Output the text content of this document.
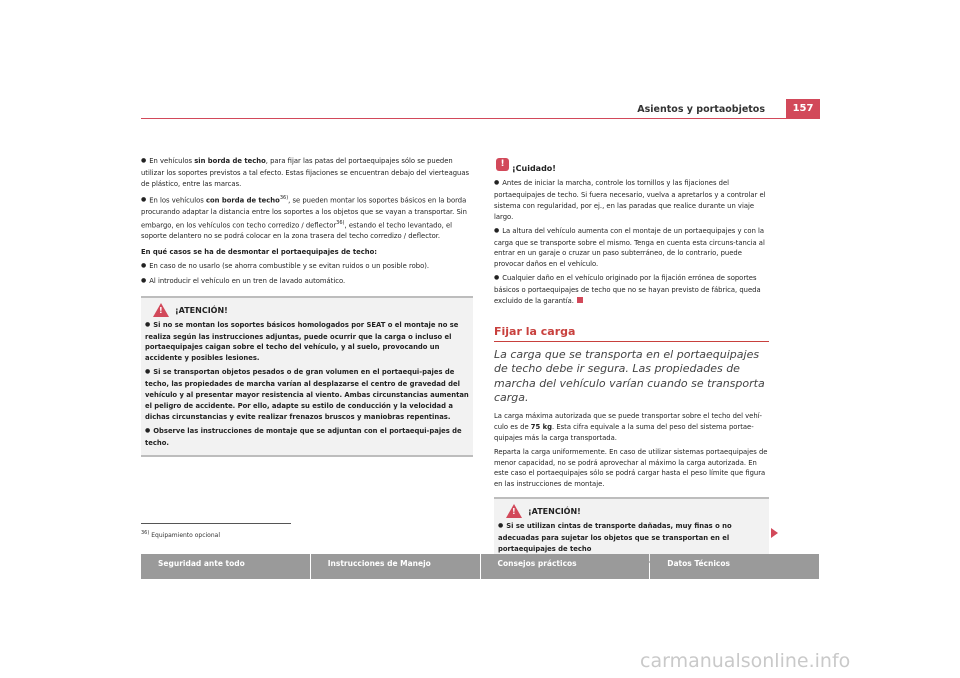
Asientos y portaobjetos	157

● En vehículos sin borda de techo, para fijar las patas del portaequipajes sólo se pueden utilizar los soportes previstos a tal efecto. Estas fijaciones se encuentran debajo del vierteaguas de plástico, entre las marcas.

● En los vehículos con borda de techo$^{36)}$, se pueden montar los soportes básicos en la borda procurando adaptar la distancia entre los soportes a los objetos que se vayan a transportar. Sin embargo, en los vehículos con techo corredizo / deflector$^{36)}$, estando el techo levantado, el soporte delantero no se podrá colocar en la zona trasera del techo corredizo / deflector.

En qué casos se ha de desmontar el portaequipajes de techo:

● En caso de no usarlo (se ahorra combustible y se evitan ruidos o un posible robo).

● Al introducir el vehículo en un tren de lavado automático.

! ¡ATENCIÓN!

● Si no se montan los soportes básicos homologados por SEAT o el montaje no se realiza según las instrucciones adjuntas, puede ocurrir que la carga o incluso el portaequipajes caigan sobre el techo del vehículo, y al suelo, provocando un accidente y posibles lesiones.

● Si se transportan objetos pesados o de gran volumen en el portaequi-pajes de techo, las propiedades de marcha varían al desplazarse el centro de gravedad del vehículo y al presentar mayor resistencia al viento. Ambas circunstancias aumentan el peligro de accidente. Por ello, adapte su estilo de conducción y la velocidad a dichas circunstancias y evite realizar frenazos bruscos y maniobras repentinas.

● Observe las instrucciones de montaje que se adjuntan con el portaequi-pajes de techo.

$^{36)}$ Equipamiento opcional
! ¡Cuidado!

● Antes de iniciar la marcha, controle los tornillos y las fijaciones del portaequipajes de techo. Si fuera necesario, vuelva a apretarlos y a controlar el sistema con regularidad, por ej., en las paradas que realice durante un viaje largo.

● La altura del vehículo aumenta con el montaje de un portaequipajes y con la carga que se transporte sobre el mismo. Tenga en cuenta esta circuns-tancia al entrar en un garaje o cruzar un paso subterráneo, de lo contrario, puede provocar daños en el vehículo.

● Cualquier daño en el vehículo originado por la fijación errónea de soportes básicos o portaequipajes de techo que no se hayan previsto de fábrica, queda excluido de la garantía.

Fijar la carga
La carga que se transporta en el portaequipajes de techo debe ir segura. Las propiedades de marcha del vehículo varían cuando se transporta carga.

La carga máxima autorizada que se puede transportar sobre el techo del vehí-culo es de 75 kg. Esta cifra equivale a la suma del peso del sistema portae-quipajes más la carga transportada.

Reparta la carga uniformemente. En caso de utilizar sistemas portaequipajes de menor capacidad, no se podrá aprovechar al máximo la carga autorizada. En este caso el portaequipajes sólo se podrá cargar hasta el peso límite que figura en las instrucciones de montaje.

! ¡ATENCIÓN!

● Si se utilizan cintas de transporte dañadas, muy finas o no adecuadas para sujetar los objetos que se transportan en el portaequipajes de techo

Seguridad ante todo	Instrucciones de Manejo	Consejos prácticos	Datos Técnicos
carmanualsonline.info
